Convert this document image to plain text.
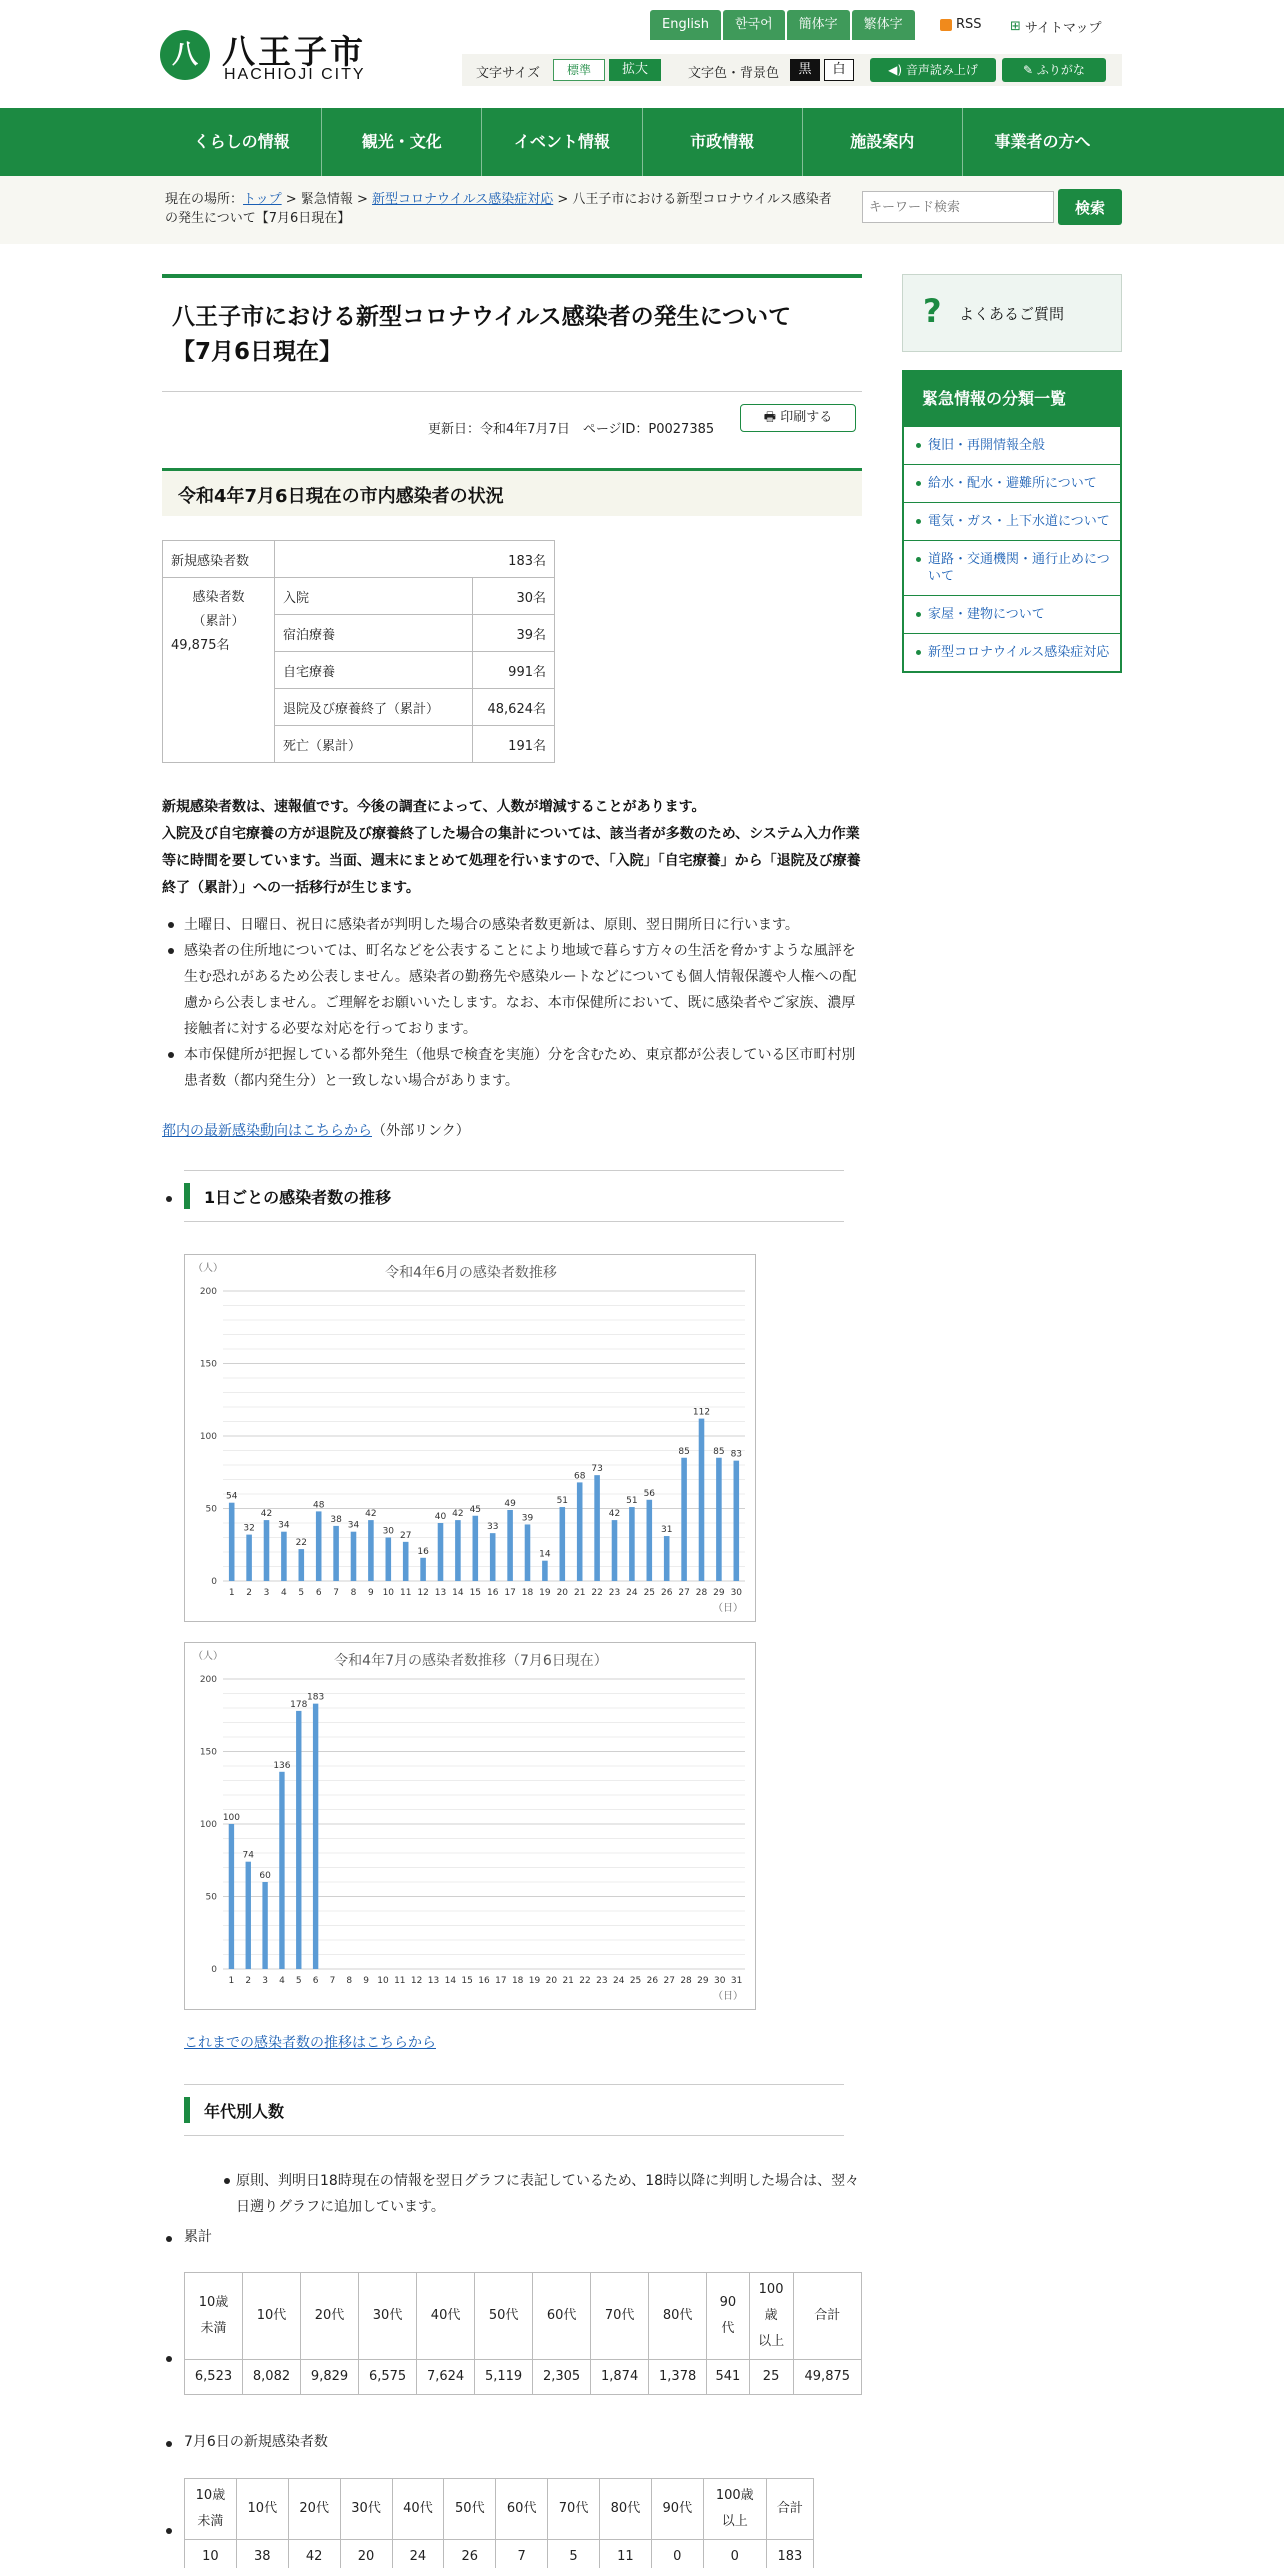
八 八王子市
HACHIOJI CITY
English	한국어	簡体字	繁体字	RSS ⊞ サイトマップ
文字サイズ	標準	拡大	文字色・背景色	黒	白	◀) 音声読み上げ	✎ ふりがな
くらしの情報	観光・文化	イベント情報	市政情報	施設案内	事業者の方へ
現在の場所：トップ > 緊急情報 > 新型コロナウイルス感染症対応 > 八王子市における新型コロナウイルス感染者の発生について【7月6日現在】
キーワード検索
検索
八王子市における新型コロナウイルス感染者の発生について
【7月6日現在】
更新日：令和4年7月7日　ページID：P0027385
🖶 印刷する
令和4年7月6日現在の市内感染者の状況
新規感染者数	183名	

感染者数
（累計）
49,875名	入院	30名
	宿泊療養	39名
	自宅療養	991名
	退院及び療養終了（累計）	48,624名
	死亡（累計）	191名
新規感染者数は、速報値です。今後の調査によって、人数が増減することがあります。
入院及び自宅療養の方が退院及び療養終了した場合の集計については、該当者が多数のため、システム入力作業等に時間を要しています。当面、週末にまとめて処理を行いますので、「入院」「自宅療養」から「退院及び療養終了（累計）」への一括移行が生じます。
土曜日、日曜日、祝日に感染者が判明した場合の感染者数更新は、原則、翌日開所日に行います。
感染者の住所地については、町名などを公表することにより地域で暮らす方々の生活を脅かすような風評を生む恐れがあるため公表しません。感染者の勤務先や感染ルートなどについても個人情報保護や人権への配慮から公表しません。ご理解をお願いいたします。なお、本市保健所において、既に感染者やご家族、濃厚接触者に対する必要な対応を行っております。
本市保健所が把握している都外発生（他県で検査を実施）分を含むため、東京都が公表している区市町村別患者数（都内発生分）と一致しない場合があります。
都内の最新感染動向はこちらから（外部リンク）
1日ごとの感染者数の推移
令和4年6月の感染者数推移
（人）
（日）
0
50
100
150
200
1
54
2
32
3
42
4
34
5
22
6
48
7
38
8
34
9
42
10
30
11
27
12
16
13
40
14
42
15
45
16
33
17
49
18
39
19
14
20
51
21
68
22
73
23
42
24
51
25
56
26
31
27
85
28
112
29
85
30
83
令和4年7月の感染者数推移（7月6日現在）
（人）
（日）
0
50
100
150
200
1
100
2
74
3
60
4
136
5
178
6
183
7 8 9 10 11 12 13 14 15 16 17 18 19 20 21 22 23 24 25 26 27 28 29 30 31
これまでの感染者数の推移はこちらから
年代別人数
原則、判明日18時現在の情報を翌日グラフに表記しているため、18時以降に判明した場合は、翌々日遡りグラフに追加しています。
累計
10歳
未満	10代	20代	30代	40代	50代	60代	70代	80代	90
代	100
歳
以上	合計
6,523	8,082	9,829	6,575	7,624	5,119	2,305	1,874	1,378	541	25	49,875
7月6日の新規感染者数
10歳
未満	10代	20代	30代	40代	50代	60代	70代	80代	90代	100歳
以上	合計
10	38	42	20	24	26	7	5	11	0	0	183
? よくあるご質問
緊急情報の分類一覧
復旧・再開情報全般
給水・配水・避難所について
電気・ガス・上下水道について
道路・交通機関・通行止めについて
家屋・建物について
新型コロナウイルス感染症対応
